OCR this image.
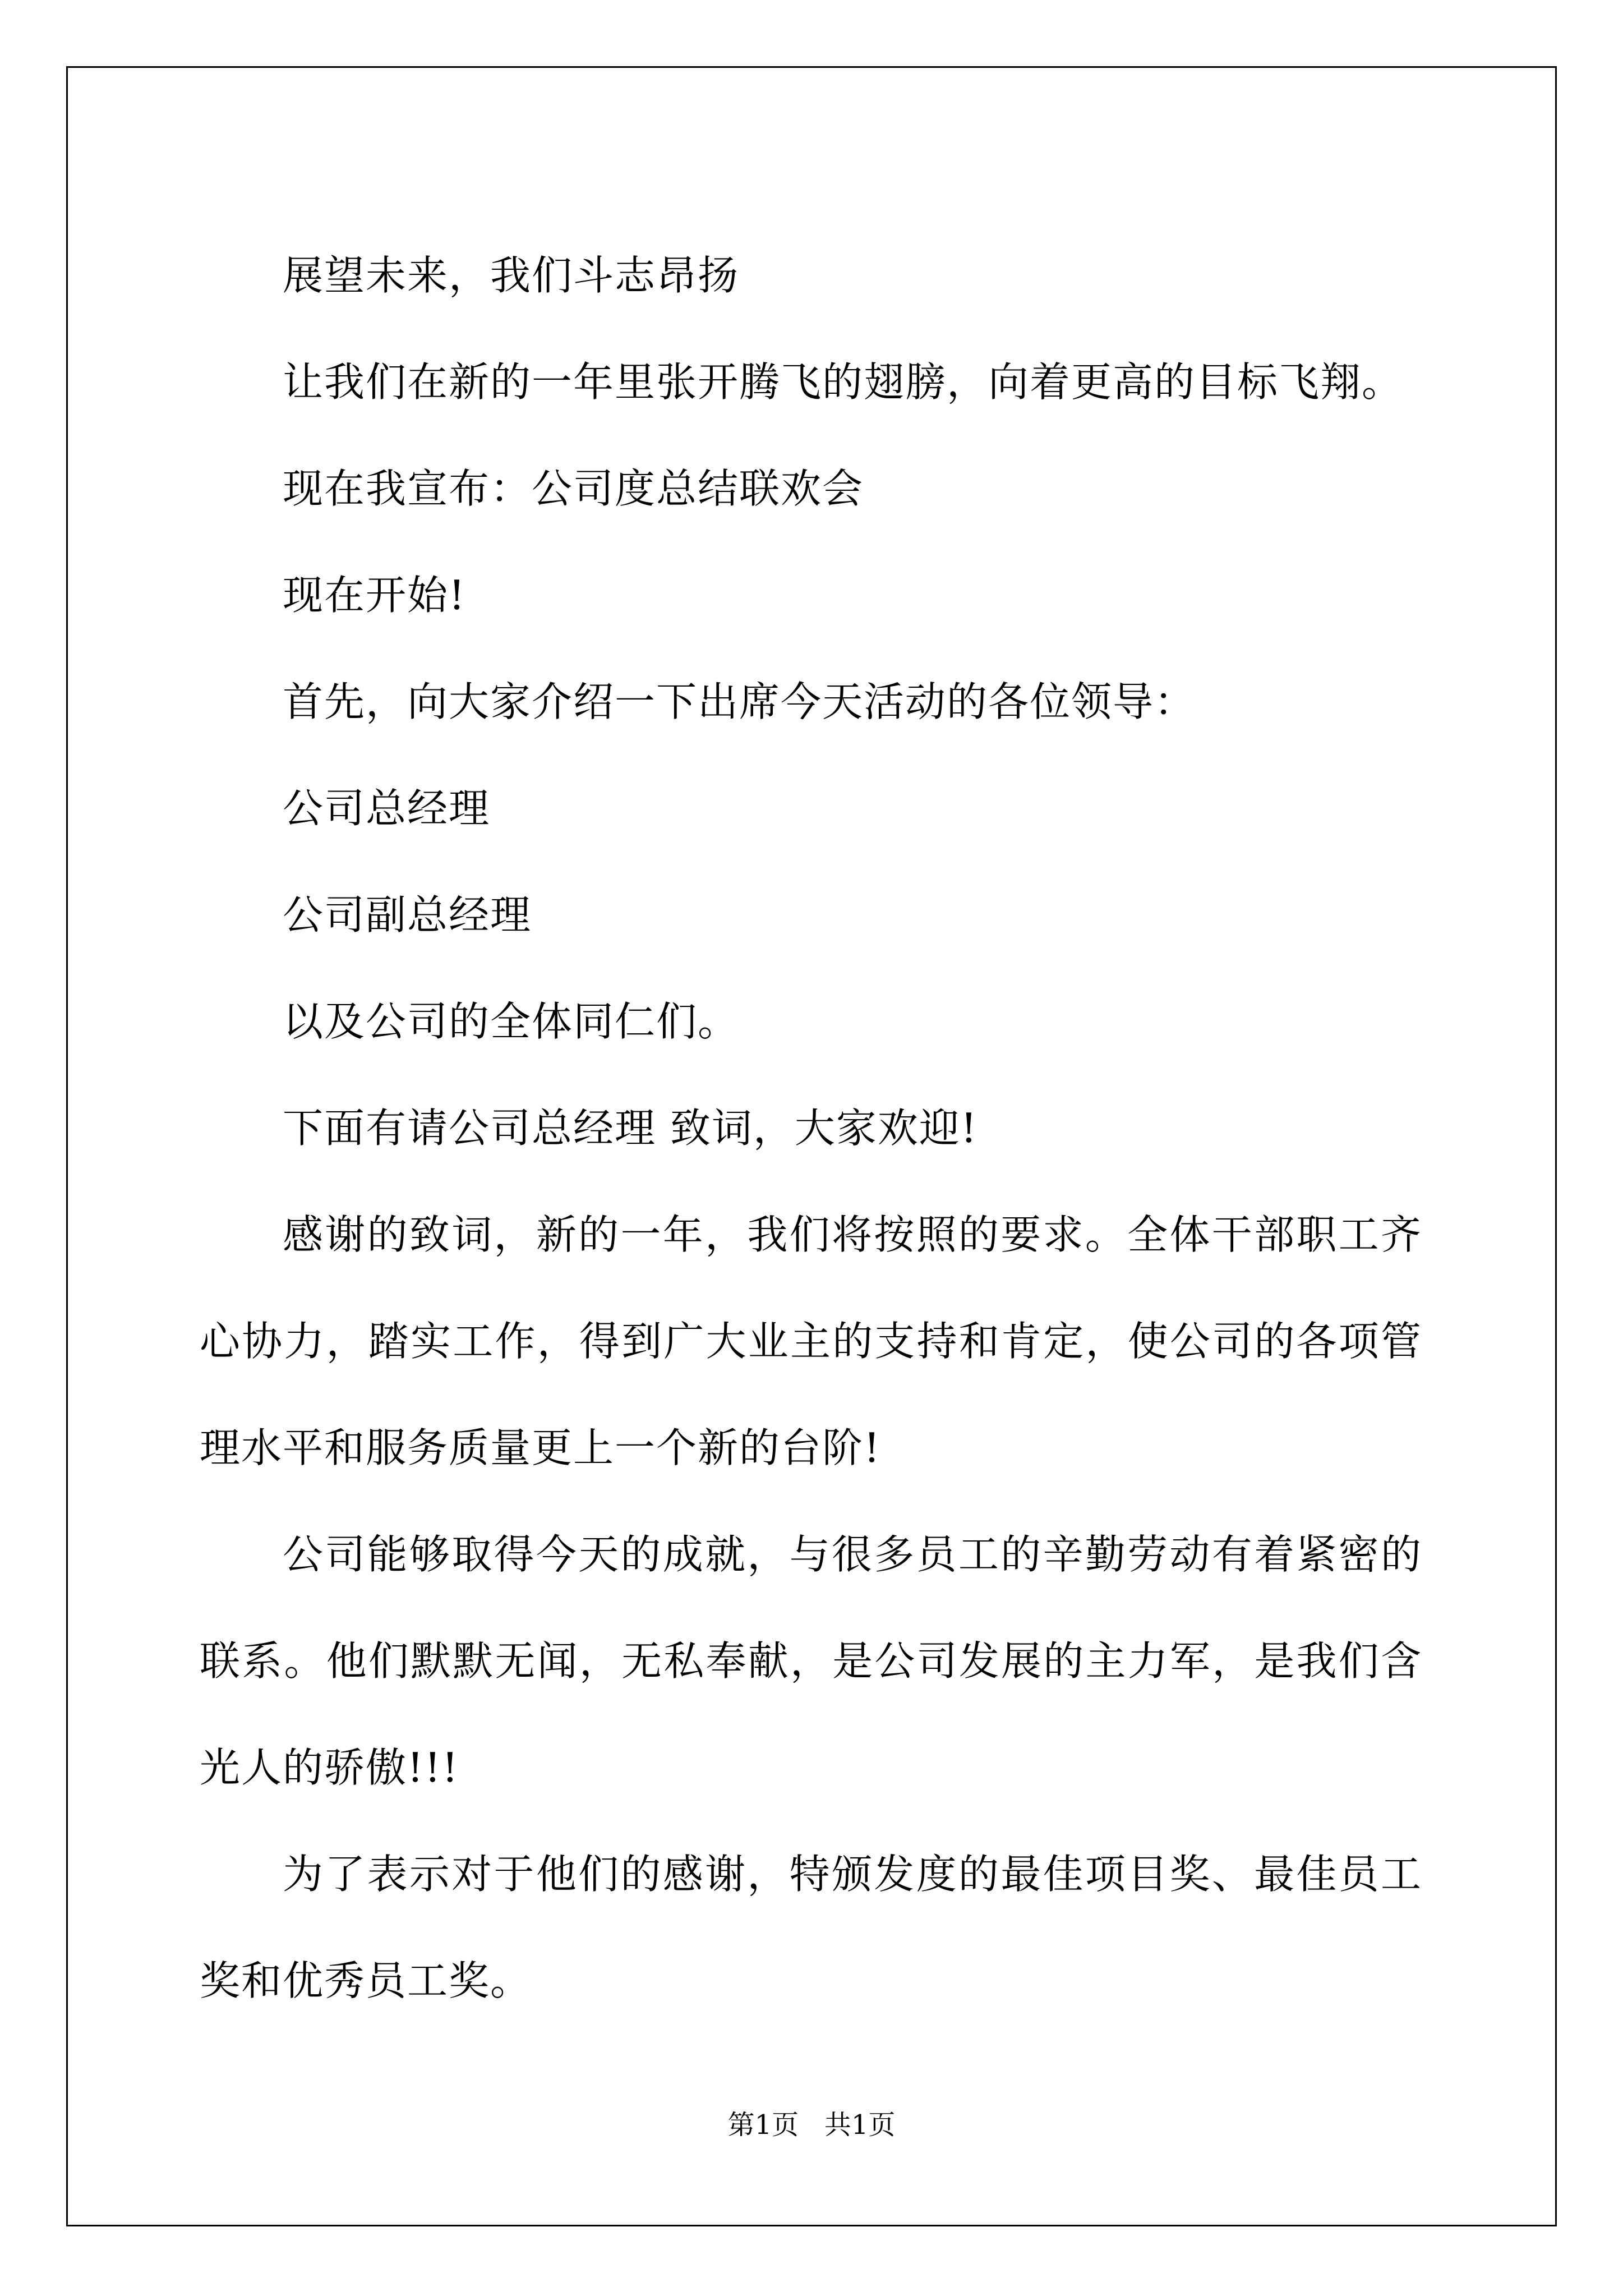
展望未来，我们斗志昂扬

让我们在新的一年里张开腾飞的翅膀，向着更高的目标飞翔。

现在我宣布：公司度总结联欢会

现在开始!

首先，向大家介绍一下出席今天活动的各位领导：

公司总经理

公司副总经理

以及公司的全体同仁们。

下面有请公司总经理 致词，大家欢迎!

感谢的致词，新的一年，我们将按照的要求。全体干部职工齐心协力，踏实工作，得到广大业主的支持和肯定，使公司的各项管理水平和服务质量更上一个新的台阶!

公司能够取得今天的成就，与很多员工的辛勤劳动有着紧密的联系。他们默默无闻，无私奉献，是公司发展的主力军，是我们含光人的骄傲!!!

为了表示对于他们的感谢，特颁发度的最佳项目奖、最佳员工奖和优秀员工奖。

第1页 共1页
